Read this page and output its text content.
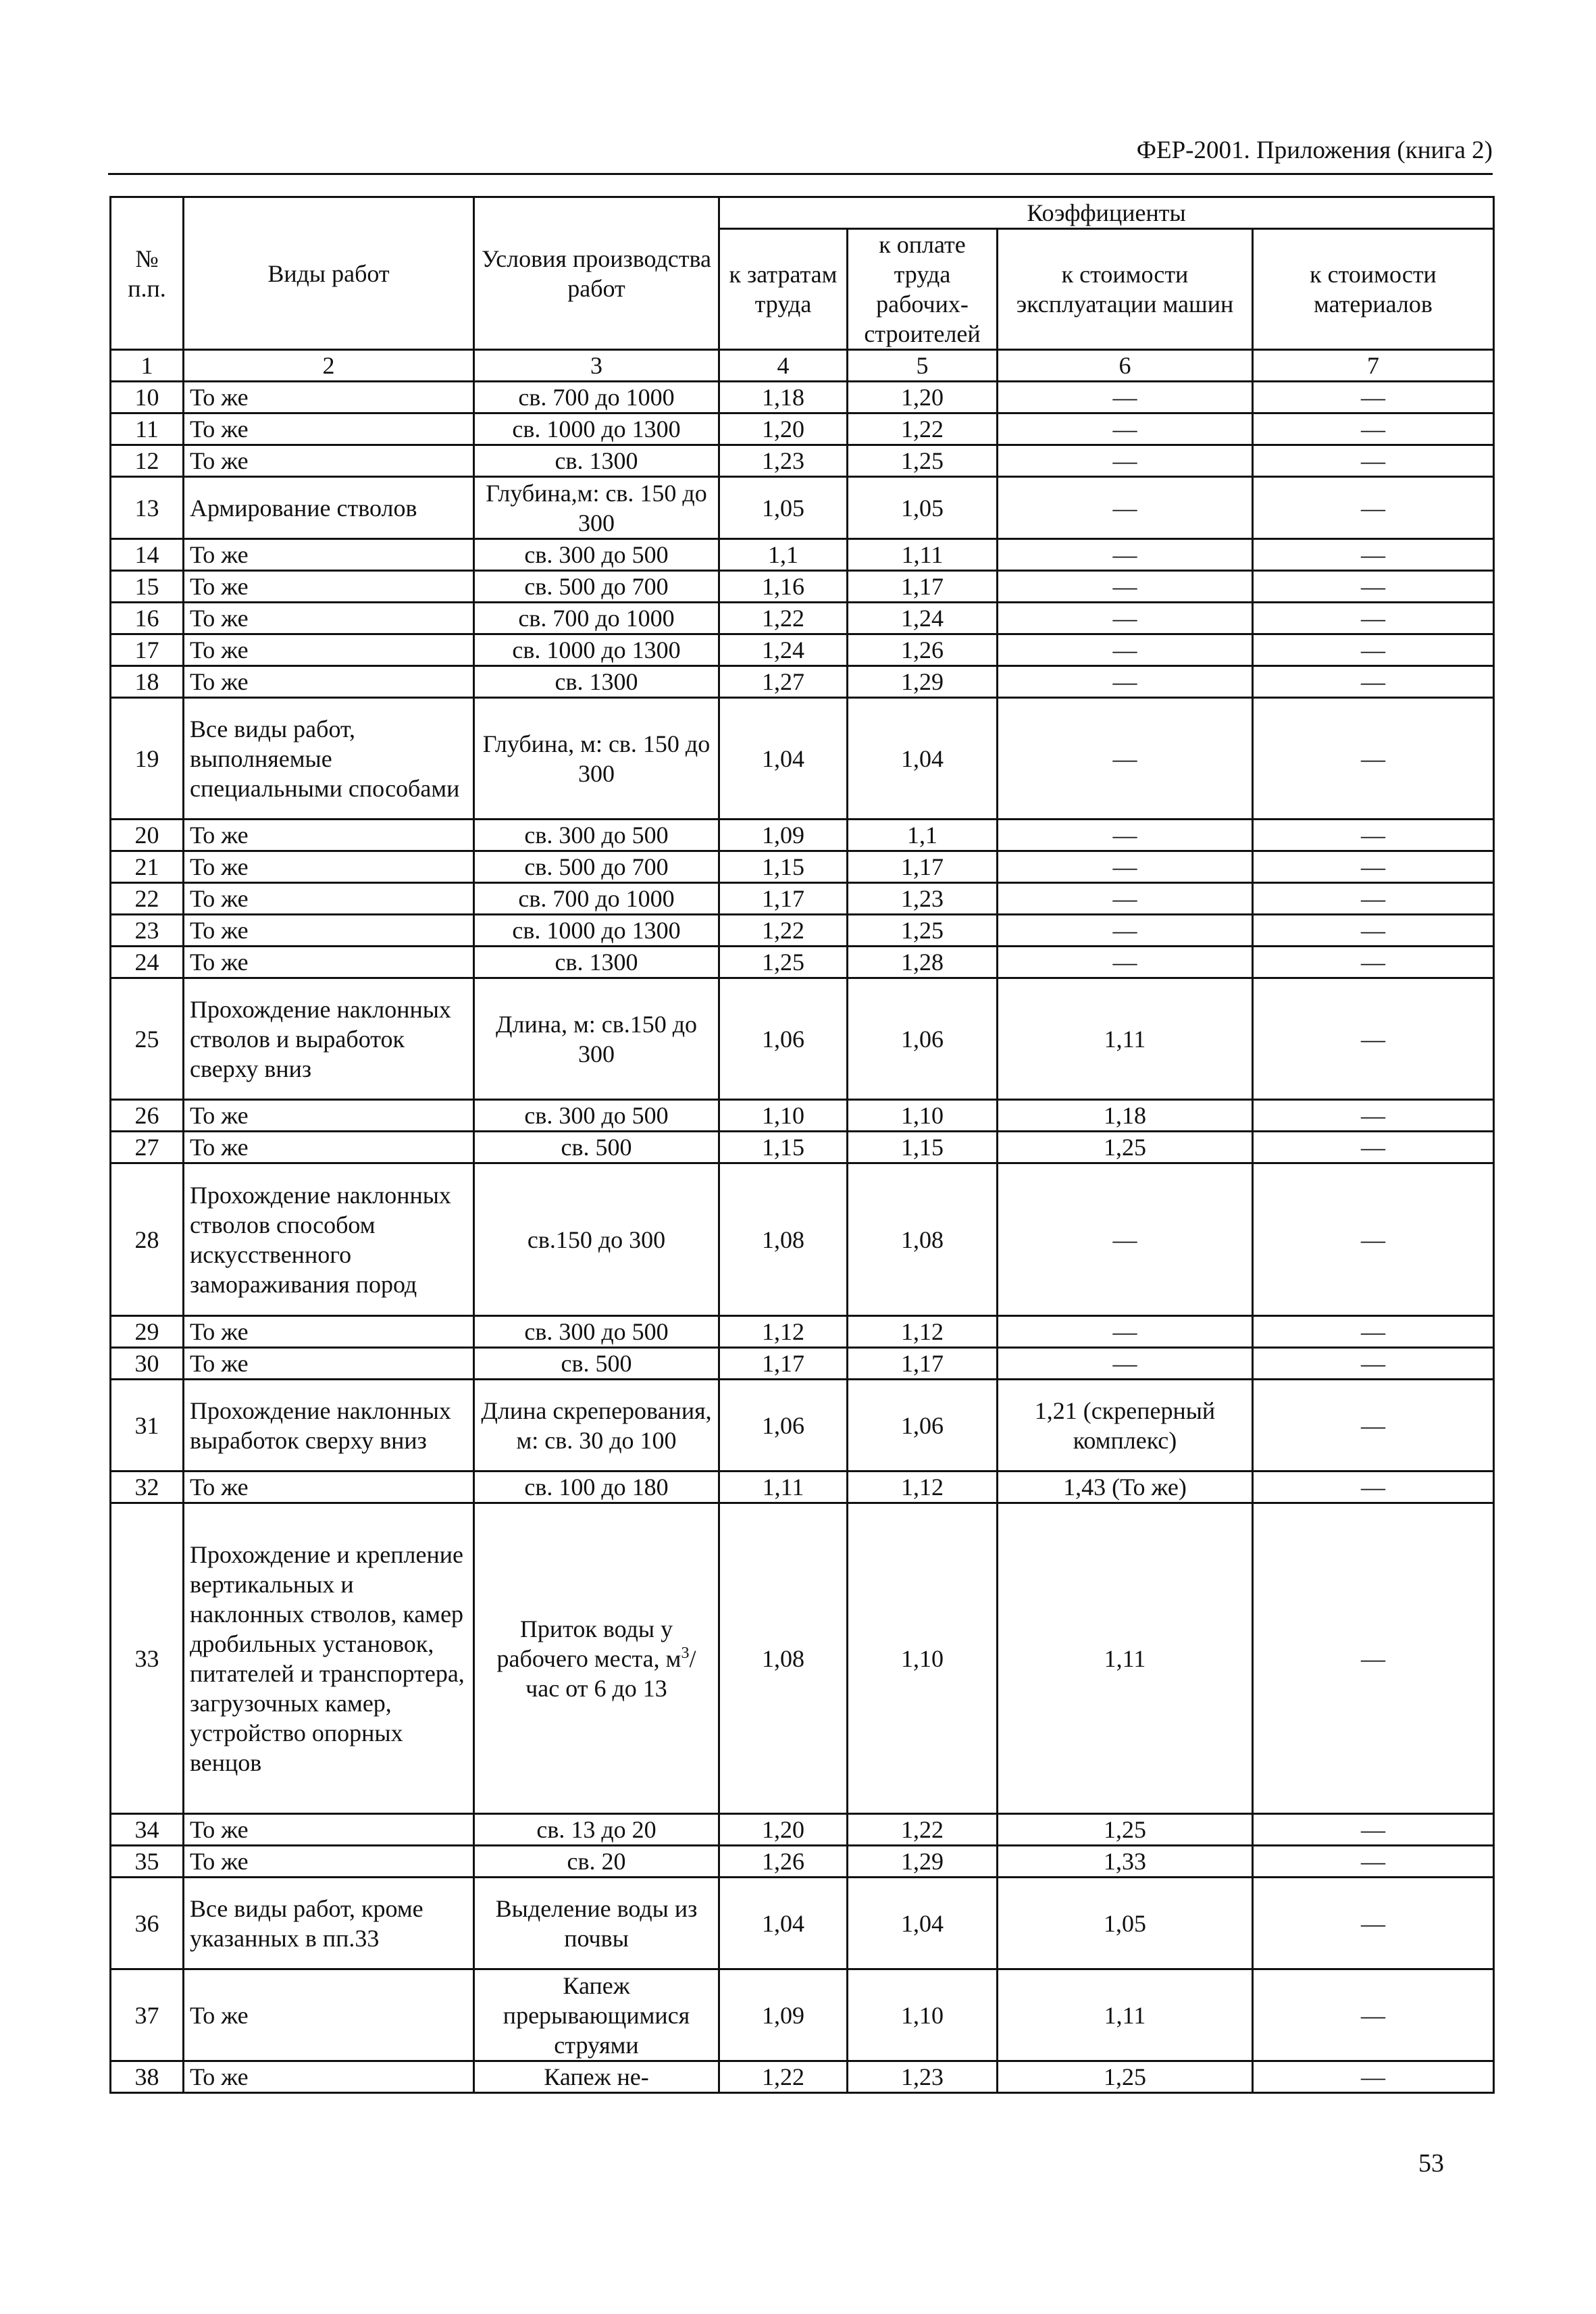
ФЕР-2001. Приложения (книга 2)
№ п.п.	Виды работ	Условия производства работ	Коэффициенты			
			к затратам труда	к оплате труда рабочих-строителей	к стоимости эксплуатации машин	к стоимости материалов
1	2	3	4	5	6	7
10	То же	св. 700 до 1000	1,18	1,20	—	—
11	То же	св. 1000 до 1300	1,20	1,22	—	—
12	То же	св. 1300	1,23	1,25	—	—
13	Армирование стволов	Глубина,м: св. 150 до 300	1,05	1,05	—	—
14	То же	св. 300 до 500	1,1	1,11	—	—
15	То же	св. 500 до 700	1,16	1,17	—	—
16	То же	св. 700 до 1000	1,22	1,24	—	—
17	То же	св. 1000 до 1300	1,24	1,26	—	—
18	То же	св. 1300	1,27	1,29	—	—
19	Все виды работ, выполняемые специальными способами	Глубина, м: св. 150 до 300	1,04	1,04	—	—
20	То же	св. 300 до 500	1,09	1,1	—	—
21	То же	св. 500 до 700	1,15	1,17	—	—
22	То же	св. 700 до 1000	1,17	1,23	—	—
23	То же	св. 1000 до 1300	1,22	1,25	—	—
24	То же	св. 1300	1,25	1,28	—	—
25	Прохождение наклонных стволов и выработок сверху вниз	Длина, м: св.150 до 300	1,06	1,06	1,11	—
26	То же	св. 300 до 500	1,10	1,10	1,18	—
27	То же	св. 500	1,15	1,15	1,25	—
28	Прохождение наклонных стволов способом искусственного замораживания пород	св.150 до 300	1,08	1,08	—	—
29	То же	св. 300 до 500	1,12	1,12	—	—
30	То же	св. 500	1,17	1,17	—	—
31	Прохождение наклонных выработок сверху вниз	Длина скреперования, м: св. 30 до 100	1,06	1,06	1,21 (скреперный комплекс)	—
32	То же	св. 100 до 180	1,11	1,12	1,43 (То же)	—
33	Прохождение и крепление вертикальных и наклонных стволов, камер дробильных установок, питателей и транспортера, загрузочных камер, устройство опорных венцов	Приток воды у рабочего места, $м^3$/час от 6 до 13	1,08	1,10	1,11	—
34	То же	св. 13 до 20	1,20	1,22	1,25	—
35	То же	св. 20	1,26	1,29	1,33	—
36	Все виды работ, кроме указанных в пп.33	Выделение воды из почвы	1,04	1,04	1,05	—
37	То же	Капеж прерывающимися струями	1,09	1,10	1,11	—
38	То же	Капеж не-	1,22	1,23	1,25	—
53
